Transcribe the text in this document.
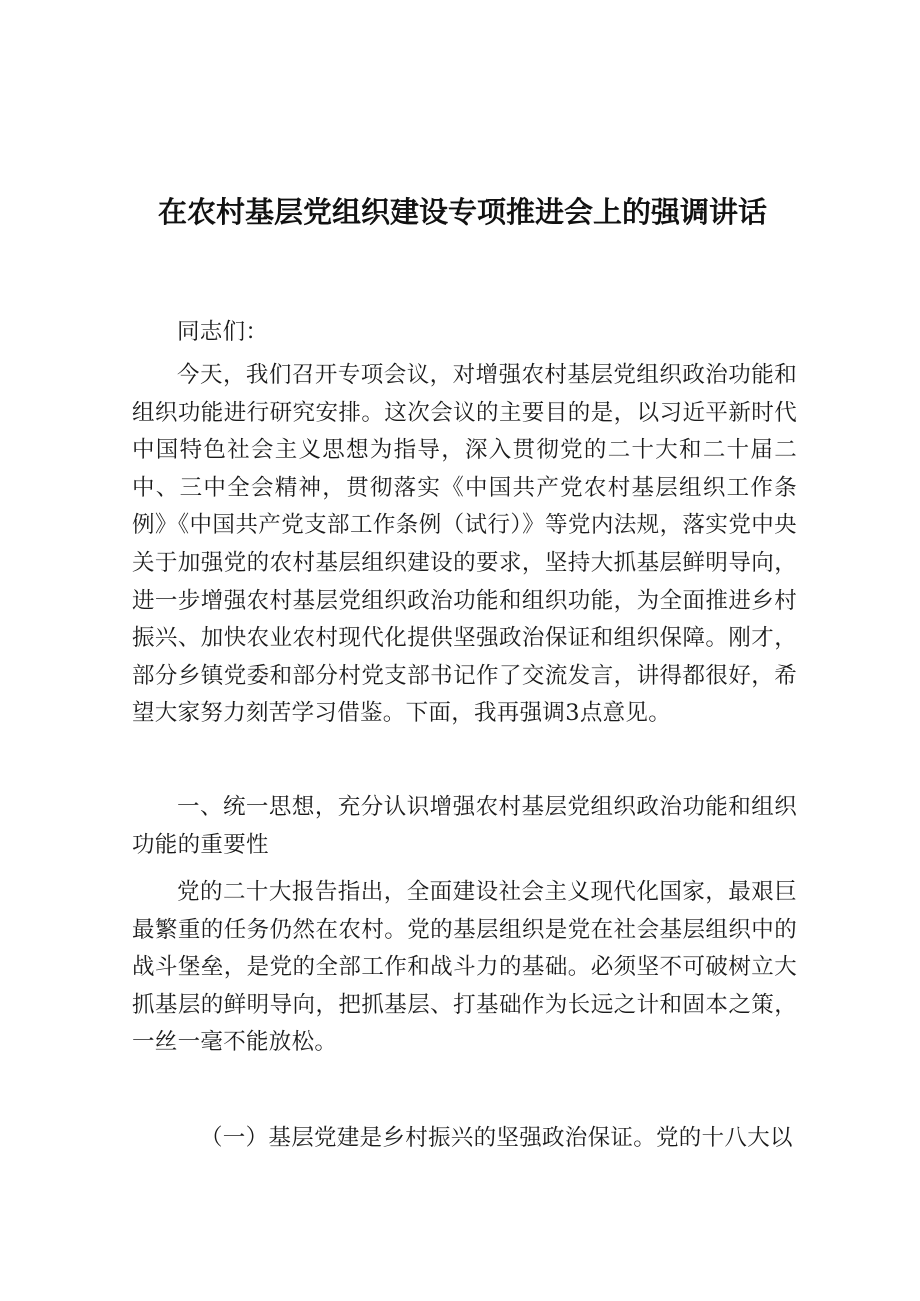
在农村基层党组织建设专项推进会上的强调讲话

同志们：

今天，我们召开专项会议，对增强农村基层党组织政治功能和组织功能进行研究安排。这次会议的主要目的是，以习近平新时代中国特色社会主义思想为指导，深入贯彻党的二十大和二十届二中、三中全会精神，贯彻落实《中国共产党农村基层组织工作条例》《中国共产党支部工作条例（试行）》等党内法规，落实党中央关于加强党的农村基层组织建设的要求，坚持大抓基层鲜明导向，进一步增强农村基层党组织政治功能和组织功能，为全面推进乡村振兴、加快农业农村现代化提供坚强政治保证和组织保障。刚才，部分乡镇党委和部分村党支部书记作了交流发言，讲得都很好，希望大家努力刻苦学习借鉴。下面，我再强调3点意见。

一、统一思想，充分认识增强农村基层党组织政治功能和组织功能的重要性

党的二十大报告指出，全面建设社会主义现代化国家，最艰巨最繁重的任务仍然在农村。党的基层组织是党在社会基层组织中的战斗堡垒，是党的全部工作和战斗力的基础。必须坚不可破树立大抓基层的鲜明导向，把抓基层、打基础作为长远之计和固本之策，一丝一毫不能放松。

（一）基层党建是乡村振兴的坚强政治保证。党的十八大以
